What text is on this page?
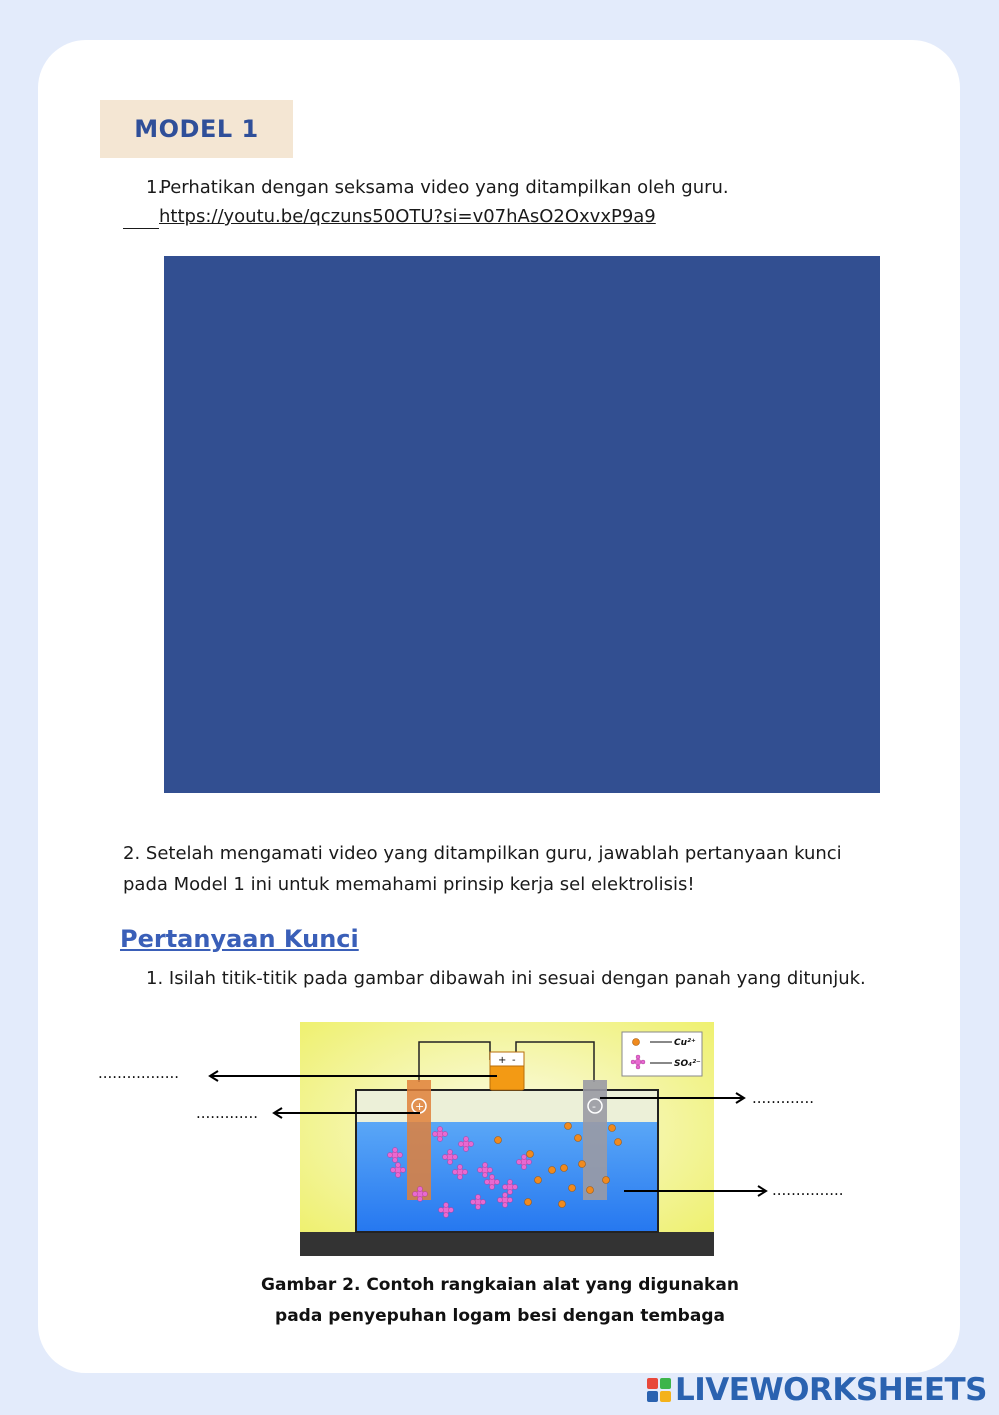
MODEL 1
1.
Perhatikan dengan seksama video yang ditampilkan oleh guru.
https://youtu.be/qczuns50OTU?si=v07hAsO2OxvxP9a9
2. Setelah mengamati video yang ditampilkan guru, jawablah pertanyaan kunci
pada Model 1 ini untuk memahami prinsip kerja sel elektrolisis!
Pertanyaan Kunci
1. Isilah titik-titik pada gambar dibawah ini sesuai dengan panah yang ditunjuk.
+ -
+	-
Cu²⁺
SO₄²⁻
.................
.............
.............
...............
Gambar 2. Contoh rangkaian alat yang digunakan
pada penyepuhan logam besi dengan tembaga
LIVEWORKSHEETS
